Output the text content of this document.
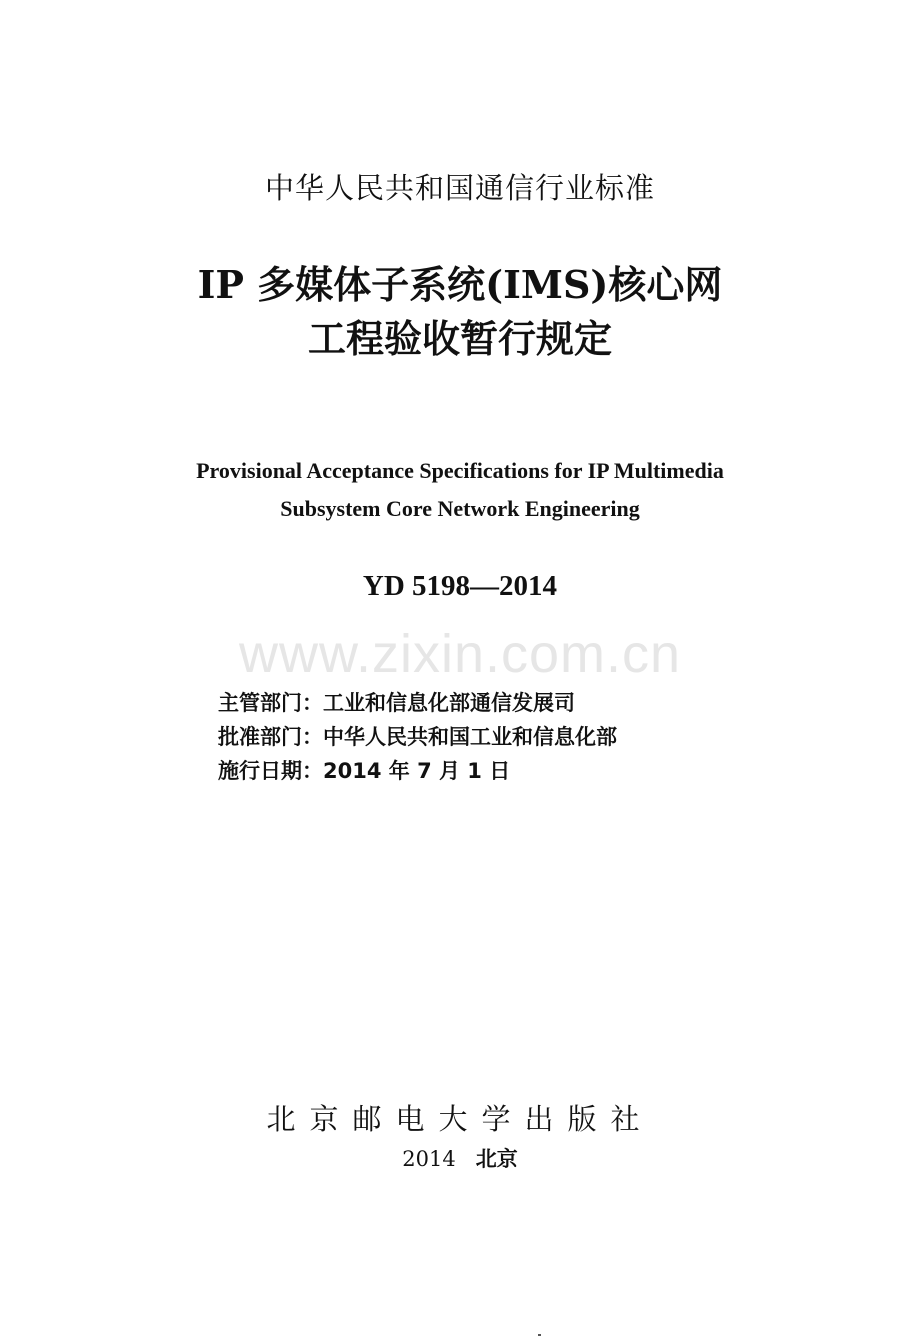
中华人民共和国通信行业标准
IP 多媒体子系统(IMS)核心网
工程验收暂行规定
Provisional Acceptance Specifications for IP Multimedia
Subsystem Core Network Engineering
YD 5198—2014
www.zixin.com.cn
主管部门：工业和信息化部通信发展司
批准部门：中华人民共和国工业和信息化部
施行日期：2014 年 7 月 1 日
北京邮电大学出版社
2014 北京
